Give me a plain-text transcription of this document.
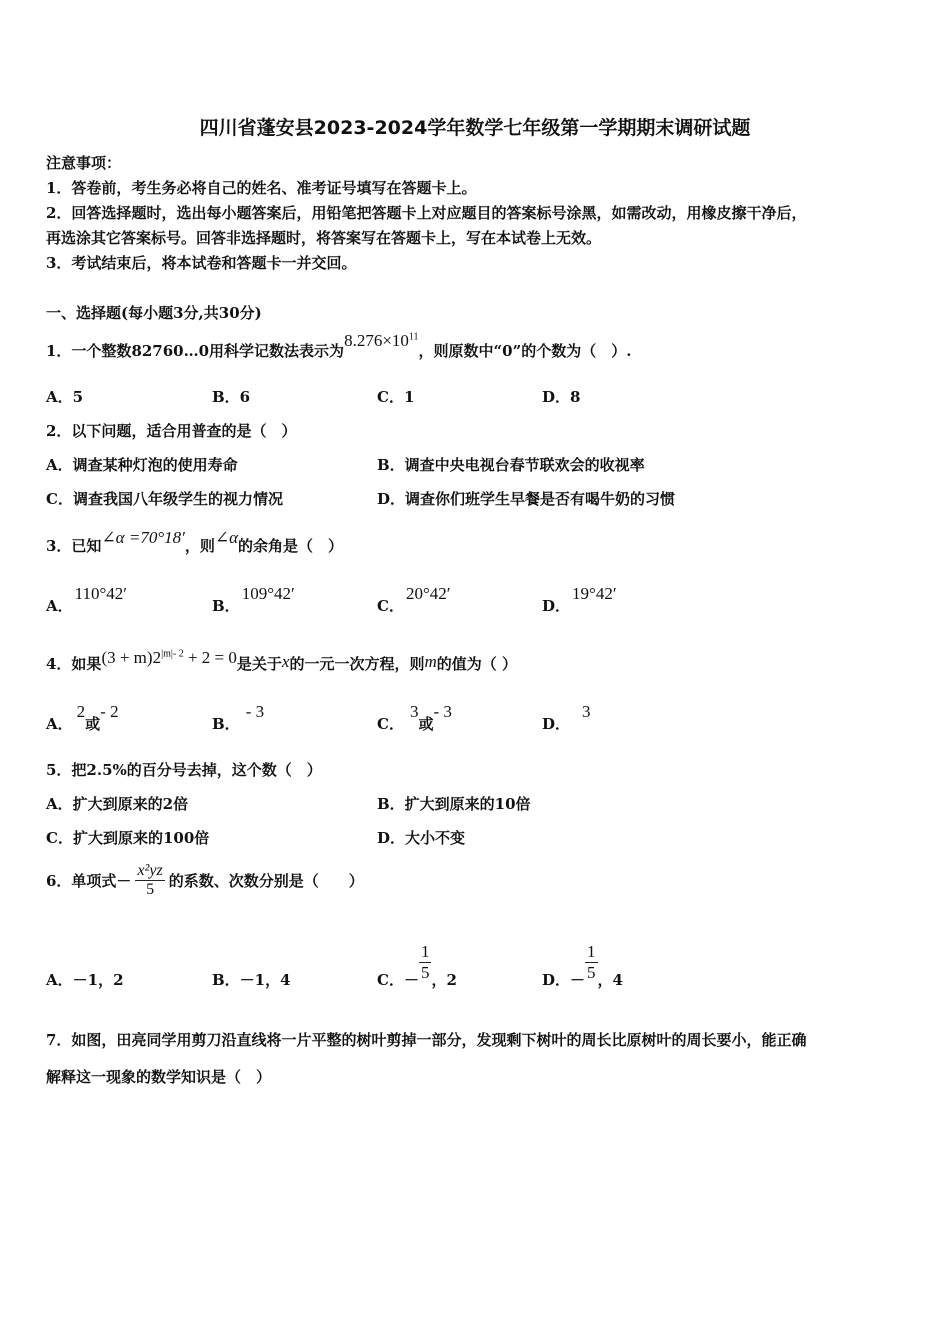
四川省蓬安县2023-2024学年数学七年级第一学期期末调研试题
注意事项：
1．答卷前，考生务必将自己的姓名、准考证号填写在答题卡上。
2．回答选择题时，选出每小题答案后，用铅笔把答题卡上对应题目的答案标号涂黑，如需改动，用橡皮擦干净后，
再选涂其它答案标号。回答非选择题时，将答案写在答题卡上，写在本试卷上无效。
3．考试结束后，将本试卷和答题卡一并交回。
一、选择题(每小题3分,共30分)
1．一个整数82760…0用科学记数法表示为$8.276\times 10^{11}$，则原数中“0”的个数为（　）.
A．5	B．6	C．1	D．8
2．以下问题，适合用普查的是（　）
A．调查某种灯泡的使用寿命	B．调查中央电视台春节联欢会的收视率
C．调查我国八年级学生的视力情况	D．调查你们班学生早餐是否有喝牛奶的习惯
3．已知∠α =70°18′，则∠α的余角是（　）
A．110°42′
B．109°42′
C．20°42′
D．19°42′
4．如果$(3 + m)2^{|m|- 2} + 2 = 0$是关于x的一元一次方程，则m的值为（ ）
A．2或- 2
B．- 3
C．3或- 3
D．3
5．把2.5%的百分号去掉，这个数（　）
A．扩大到原来的2倍	B．扩大到原来的10倍
C．扩大到原来的100倍	D．大小不变
6．单项式－ $\frac{\text{x²yz}}{5}$ 的系数、次数分别是（　　）
A．－1，2	B．－1，4	C．－ $\frac{1}{5}$ ，2	D．－ $\frac{1}{5}$ ，4
7．如图，田亮同学用剪刀沿直线将一片平整的树叶剪掉一部分，发现剩下树叶的周长比原树叶的周长要小，能正确
解释这一现象的数学知识是（　）
